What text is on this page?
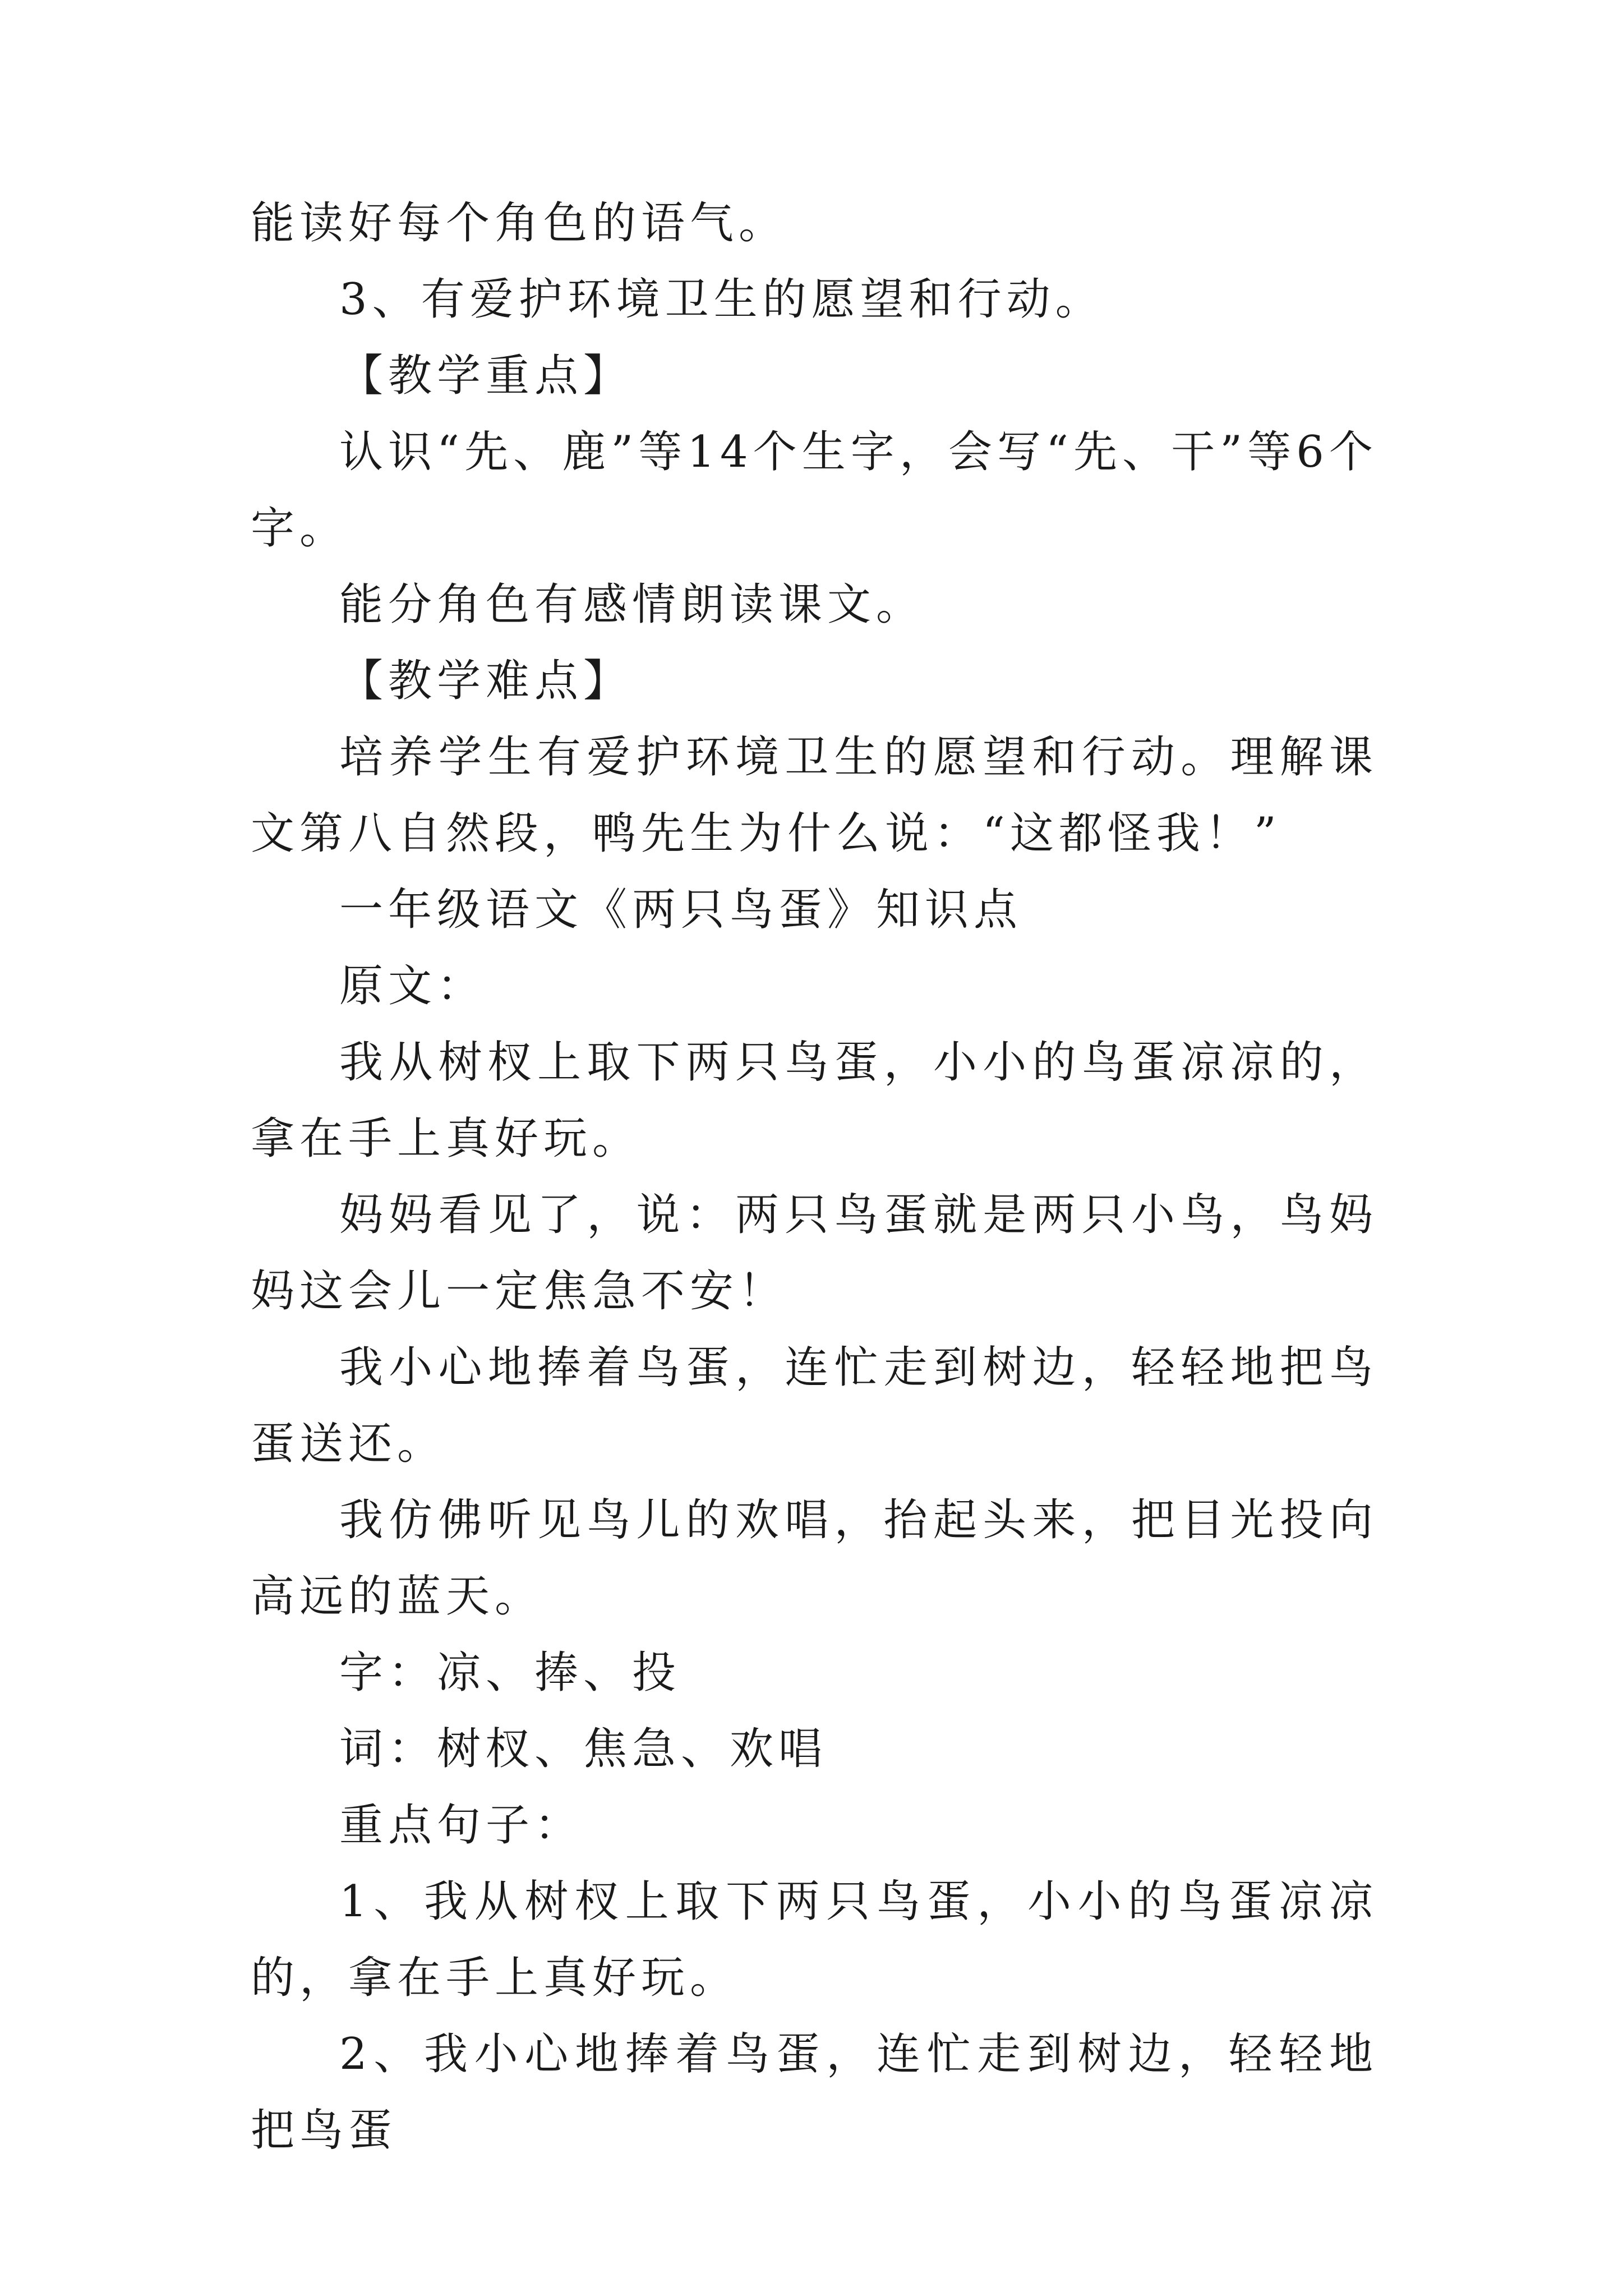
能读好每个角色的语气。

3、有爱护环境卫生的愿望和行动。

【教学重点】

认识“先、鹿”等14个生字，会写“先、干”等6个字。

能分角色有感情朗读课文。

【教学难点】

培养学生有爱护环境卫生的愿望和行动。理解课文第八自然段，鸭先生为什么说：“这都怪我！”

一年级语文《两只鸟蛋》知识点

原文：

我从树杈上取下两只鸟蛋，小小的鸟蛋凉凉的，拿在手上真好玩。

妈妈看见了，说：两只鸟蛋就是两只小鸟，鸟妈妈这会儿一定焦急不安！

我小心地捧着鸟蛋，连忙走到树边，轻轻地把鸟蛋送还。

我仿佛听见鸟儿的欢唱，抬起头来，把目光投向高远的蓝天。

字：凉、捧、投

词：树杈、焦急、欢唱

重点句子：

1、我从树杈上取下两只鸟蛋，小小的鸟蛋凉凉的，拿在手上真好玩。

2、我小心地捧着鸟蛋，连忙走到树边，轻轻地把鸟蛋
